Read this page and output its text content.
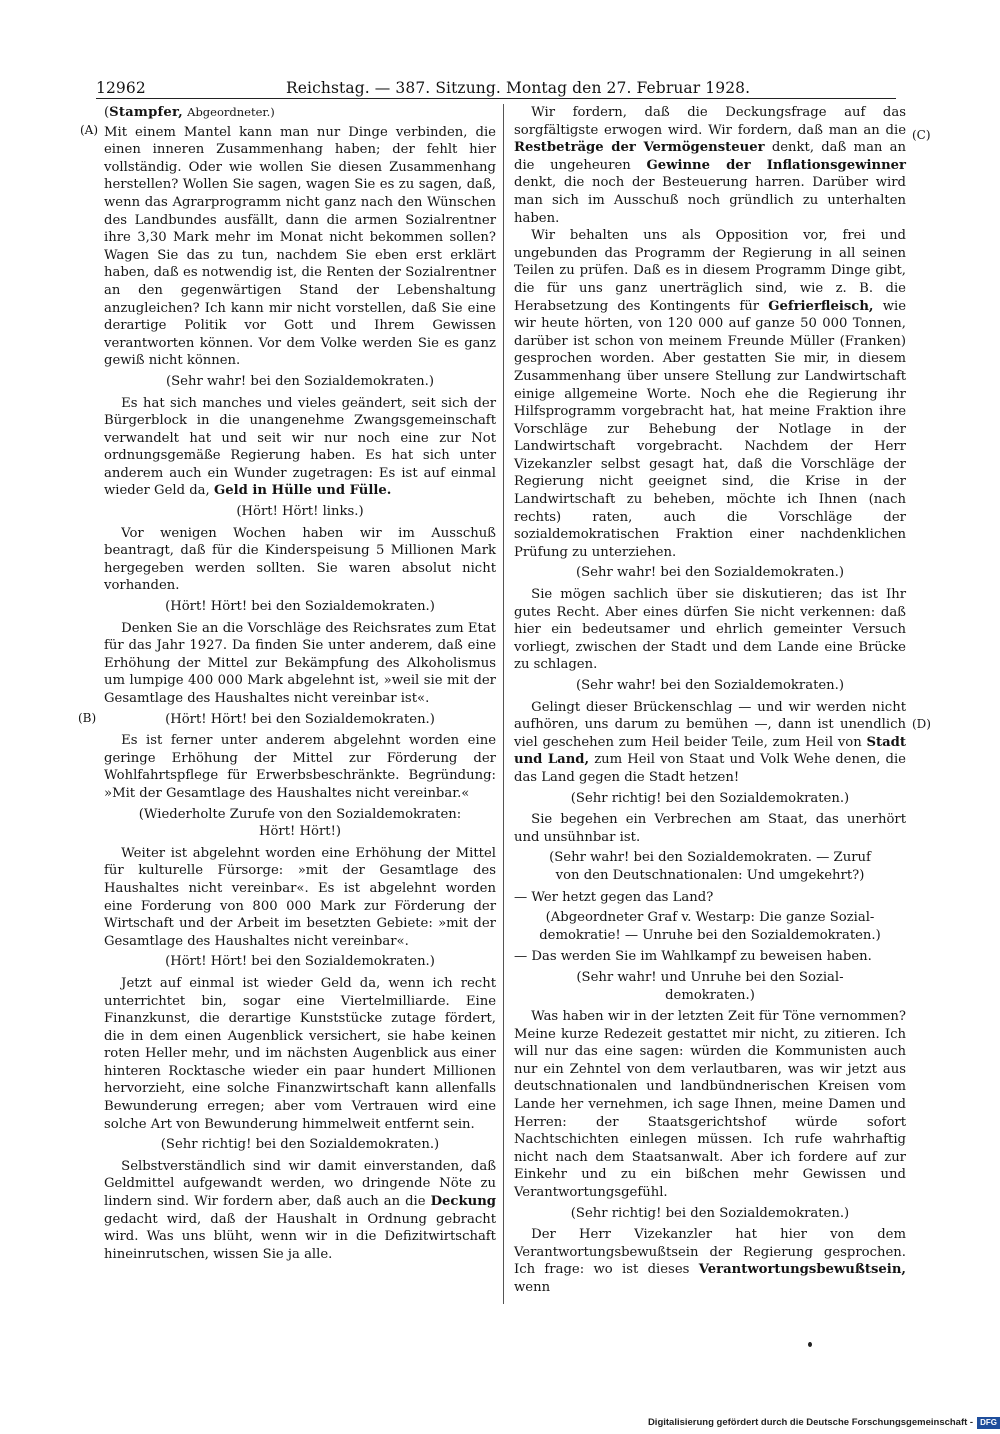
12962	Reichstag. — 387. Sitzung. Montag den 27. Februar 1928.
(A)
(B)
(C)
(D)

(Stampfer, Abgeordneter.)

Mit einem Mantel kann man nur Dinge verbinden, die einen inneren Zusammenhang haben; der fehlt hier vollständig. Oder wie wollen Sie diesen Zusammenhang herstellen? Wollen Sie sagen, wagen Sie es zu sagen, daß, wenn das Agrarprogramm nicht ganz nach den Wünschen des Landbundes ausfällt, dann die armen Sozialrentner ihre 3,30 Mark mehr im Monat nicht bekommen sollen? Wagen Sie das zu tun, nachdem Sie eben erst erklärt haben, daß es notwendig ist, die Renten der Sozialrentner an den gegenwärtigen Stand der Lebenshaltung anzugleichen? Ich kann mir nicht vorstellen, daß Sie eine derartige Politik vor Gott und Ihrem Gewissen verantworten können. Vor dem Volke werden Sie es ganz gewiß nicht können.

(Sehr wahr! bei den Sozialdemokraten.)

Es hat sich manches und vieles geändert, seit sich der Bürgerblock in die unangenehme Zwangsgemeinschaft verwandelt hat und seit wir nur noch eine zur Not ordnungsgemäße Regierung haben. Es hat sich unter anderem auch ein Wunder zugetragen: Es ist auf einmal wieder Geld da, Geld in Hülle und Fülle.

(Hört! Hört! links.)

Vor wenigen Wochen haben wir im Ausschuß beantragt, daß für die Kinderspeisung 5 Millionen Mark hergegeben werden sollten. Sie waren absolut nicht vorhanden.

(Hört! Hört! bei den Sozialdemokraten.)

Denken Sie an die Vorschläge des Reichsrates zum Etat für das Jahr 1927. Da finden Sie unter anderem, daß eine Erhöhung der Mittel zur Bekämpfung des Alkoholismus um lumpige 400 000 Mark abgelehnt ist, »weil sie mit der Gesamtlage des Haushaltes nicht vereinbar ist«.

(Hört! Hört! bei den Sozialdemokraten.)

Es ist ferner unter anderem abgelehnt worden eine geringe Erhöhung der Mittel zur Förderung der Wohlfahrtspflege für Erwerbsbeschränkte. Begründung: »Mit der Gesamtlage des Haushaltes nicht vereinbar.«

(Wiederholte Zurufe von den Sozialdemokraten:

Hört! Hört!)

Weiter ist abgelehnt worden eine Erhöhung der Mittel für kulturelle Fürsorge: »mit der Gesamtlage des Haushaltes nicht vereinbar«. Es ist abgelehnt worden eine Forderung von 800 000 Mark zur Förderung der Wirtschaft und der Arbeit im besetzten Gebiete: »mit der Gesamtlage des Haushaltes nicht vereinbar«.

(Hört! Hört! bei den Sozialdemokraten.)

Jetzt auf einmal ist wieder Geld da, wenn ich recht unterrichtet bin, sogar eine Viertelmilliarde. Eine Finanzkunst, die derartige Kunststücke zutage fördert, die in dem einen Augenblick versichert, sie habe keinen roten Heller mehr, und im nächsten Augenblick aus einer hinteren Rocktasche wieder ein paar hundert Millionen hervorzieht, eine solche Finanzwirtschaft kann allenfalls Bewunderung erregen; aber vom Vertrauen wird eine solche Art von Bewunderung himmelweit entfernt sein.

(Sehr richtig! bei den Sozialdemokraten.)

Selbstverständlich sind wir damit einverstanden, daß Geldmittel aufgewandt werden, wo dringende Nöte zu lindern sind. Wir fordern aber, daß auch an die Deckung gedacht wird, daß der Haushalt in Ordnung gebracht wird. Was uns blüht, wenn wir in die Defizitwirtschaft hineinrutschen, wissen Sie ja alle.

Wir fordern, daß die Deckungsfrage auf das sorgfältigste erwogen wird. Wir fordern, daß man an die Restbeträge der Vermögensteuer denkt, daß man an die ungeheuren Gewinne der Inflationsgewinner denkt, die noch der Besteuerung harren. Darüber wird man sich im Ausschuß noch gründlich zu unterhalten haben.

Wir behalten uns als Opposition vor, frei und ungebunden das Programm der Regierung in all seinen Teilen zu prüfen. Daß es in diesem Programm Dinge gibt, die für uns ganz unerträglich sind, wie z. B. die Herabsetzung des Kontingents für Gefrierfleisch, wie wir heute hörten, von 120 000 auf ganze 50 000 Tonnen, darüber ist schon von meinem Freunde Müller (Franken) gesprochen worden. Aber gestatten Sie mir, in diesem Zusammenhang über unsere Stellung zur Landwirtschaft einige allgemeine Worte. Noch ehe die Regierung ihr Hilfsprogramm vorgebracht hat, hat meine Fraktion ihre Vorschläge zur Behebung der Notlage in der Landwirtschaft vorgebracht. Nachdem der Herr Vizekanzler selbst gesagt hat, daß die Vorschläge der Regierung nicht geeignet sind, die Krise in der Landwirtschaft zu beheben, möchte ich Ihnen (nach rechts) raten, auch die Vorschläge der sozialdemokratischen Fraktion einer nachdenklichen Prüfung zu unterziehen.

(Sehr wahr! bei den Sozialdemokraten.)

Sie mögen sachlich über sie diskutieren; das ist Ihr gutes Recht. Aber eines dürfen Sie nicht verkennen: daß hier ein bedeutsamer und ehrlich gemeinter Versuch vorliegt, zwischen der Stadt und dem Lande eine Brücke zu schlagen.

(Sehr wahr! bei den Sozialdemokraten.)

Gelingt dieser Brückenschlag — und wir werden nicht aufhören, uns darum zu bemühen —, dann ist unendlich viel geschehen zum Heil beider Teile, zum Heil von Stadt und Land, zum Heil von Staat und Volk Wehe denen, die das Land gegen die Stadt hetzen!

(Sehr richtig! bei den Sozialdemokraten.)

Sie begehen ein Verbrechen am Staat, das unerhört und unsühnbar ist.

(Sehr wahr! bei den Sozialdemokraten. — Zuruf

von den Deutschnationalen: Und umgekehrt?)

— Wer hetzt gegen das Land?

(Abgeordneter Graf v. Westarp: Die ganze Sozial-

demokratie! — Unruhe bei den Sozialdemokraten.)

— Das werden Sie im Wahlkampf zu beweisen haben.

(Sehr wahr! und Unruhe bei den Sozial-

demokraten.)

Was haben wir in der letzten Zeit für Töne vernommen? Meine kurze Redezeit gestattet mir nicht, zu zitieren. Ich will nur das eine sagen: würden die Kommunisten auch nur ein Zehntel von dem verlautbaren, was wir jetzt aus deutschnationalen und landbündnerischen Kreisen vom Lande her vernehmen, ich sage Ihnen, meine Damen und Herren: der Staatsgerichtshof würde sofort Nachtschichten einlegen müssen. Ich rufe wahrhaftig nicht nach dem Staatsanwalt. Aber ich fordere auf zur Einkehr und zu ein bißchen mehr Gewissen und Verantwortungsgefühl.

(Sehr richtig! bei den Sozialdemokraten.)

Der Herr Vizekanzler hat hier von dem Verantwortungsbewußtsein der Regierung gesprochen. Ich frage: wo ist dieses Verantwortungsbewußtsein, wenn

Digitalisierung gefördert durch die Deutsche Forschungsgemeinschaft - DFG
